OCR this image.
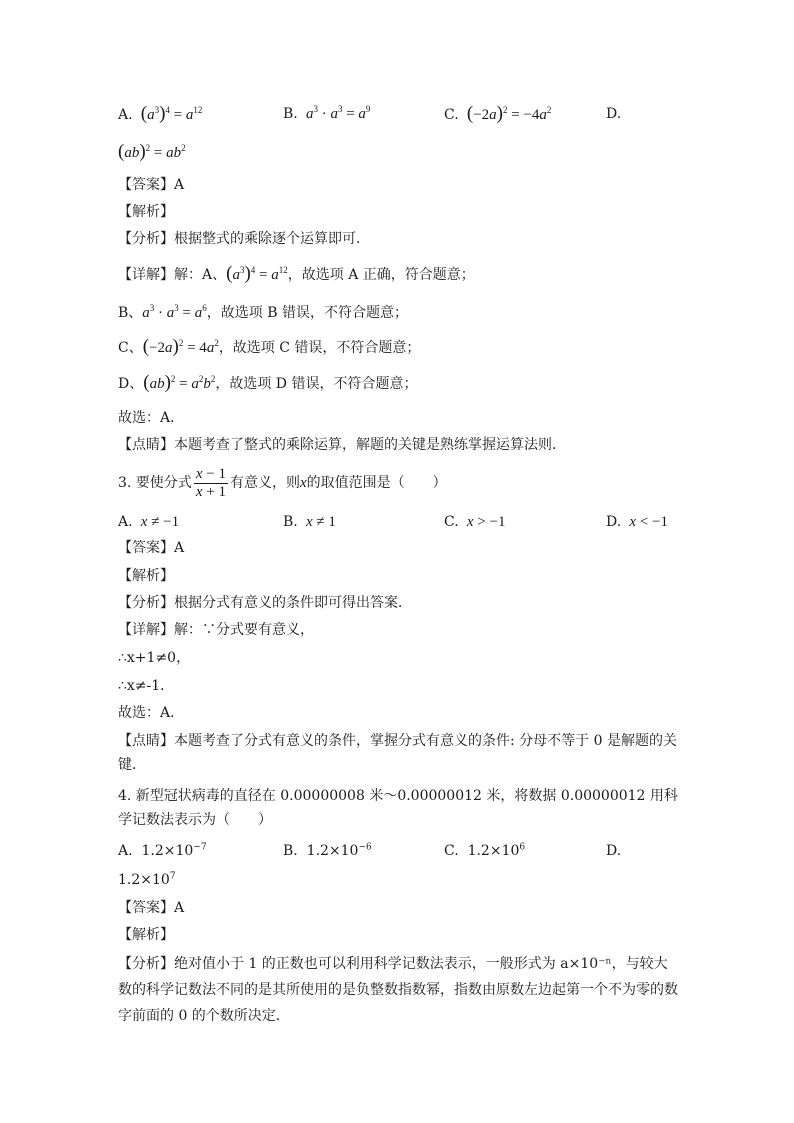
A. $(a^3)^4 = a^{12}$	B.  $a^3 \cdot a^3 = a^9$	C. $(-2a)^2 = -4a^2$	D.
$(ab)^2 = ab^2$
【答案】A
【解析】
【分析】根据整式的乘除逐个运算即可．
【详解】解：A、$(a^3)^4 = a^{12}$，故选项 A 正确，符合题意；
B、$a^3 \cdot a^3 = a^6$，故选项 B 错误，不符合题意；
C、$(-2a)^2 = 4a^2$，故选项 C 错误，不符合题意；
D、$(ab)^2 = a^2b^2$，故选项 D 错误，不符合题意；
故选：A．
【点睛】本题考查了整式的乘除运算，解题的关键是熟练掌握运算法则．
3. 要使分式 $\frac{x - 1}{x + 1}$ 有意义，则x的取值范围是（　　）
A.  x ≠ −1	B.  x ≠ 1	C.  x > −1	D.  x < −1
【答案】A
【解析】
【分析】根据分式有意义的条件即可得出答案．
【详解】解：∵分式要有意义，
∴x+1≠0，
∴x≠-1．
故选：A．
【点睛】本题考查了分式有意义的条件，掌握分式有意义的条件: 分母不等于 0 是解题的关键．
4. 新型冠状病毒的直径在 0.00000008 米～0.00000012 米，将数据 0.00000012 用科学记数法表示为（　　）
A. $1.2\times 10^{-7}$	B. $1.2\times 10^{-6}$	C. $1.2\times 10^6$	D.
$1.2\times 10^7$
【答案】A
【解析】
【分析】绝对值小于 1 的正数也可以利用科学记数法表示，一般形式为 a×10⁻ⁿ，与较大数的科学记数法不同的是其所使用的是负整数指数幂，指数由原数左边起第一个不为零的数字前面的 0 的个数所决定．
